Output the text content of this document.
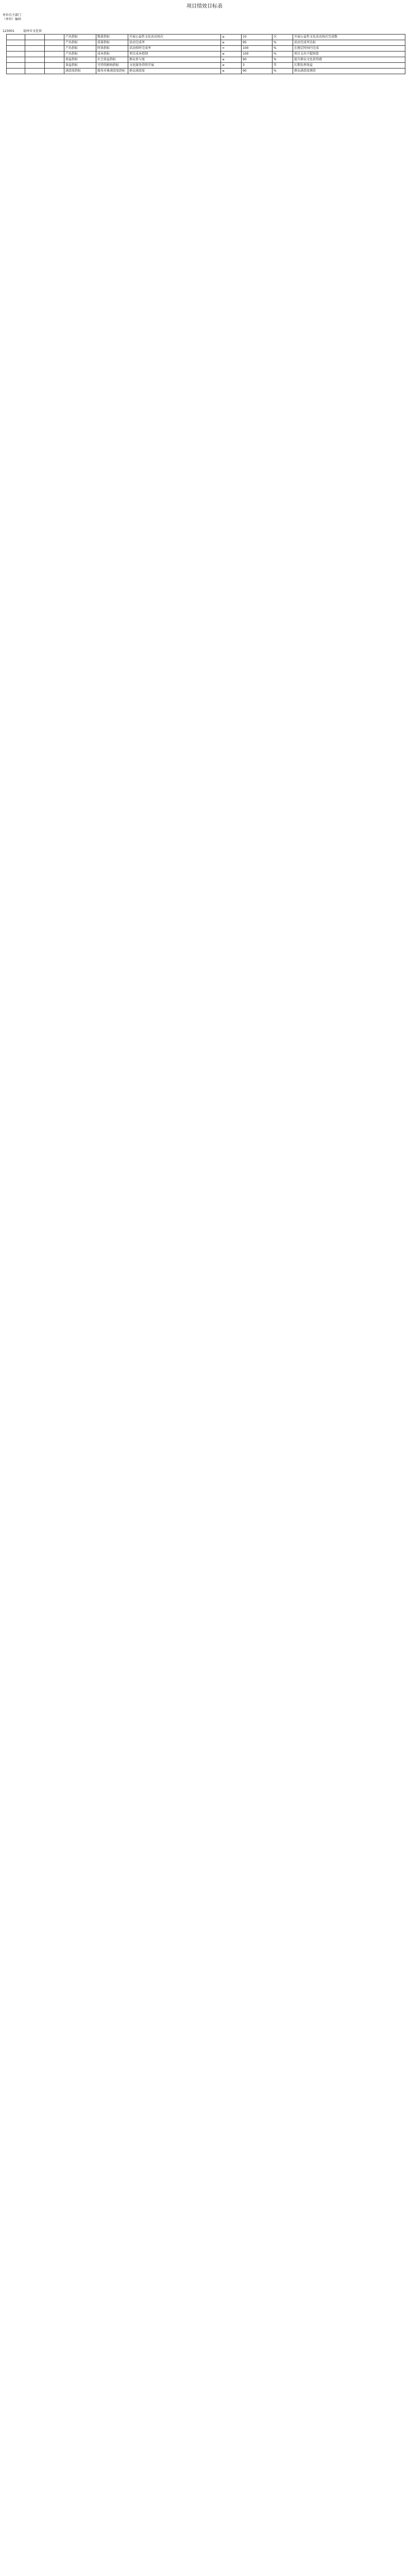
项目绩效目标表
单位自主部门（单位）编码
123001	福州市文化馆
			产出指标	数量指标	开展公益性文化活动场次	≥	10	次	开展公益性文化活动场次完成数
			产出指标	质量指标	活动完成率	≥	95	%	活动完成率达标
			产出指标	时效指标	活动按时完成率	=	100	%	在规定时间内完成
			产出指标	成本指标	项目成本控制	≤	100	%	项目支出不超预算
			效益指标	社会效益指标	群众参与度	≥	90	%	提升群众文化获得感
			效益指标	可持续影响指标	文化服务持续开展	≥	3	年	长期发挥效益
			满意度指标	服务对象满意度指标	群众满意度	≥	90	%	群众满意度调查
